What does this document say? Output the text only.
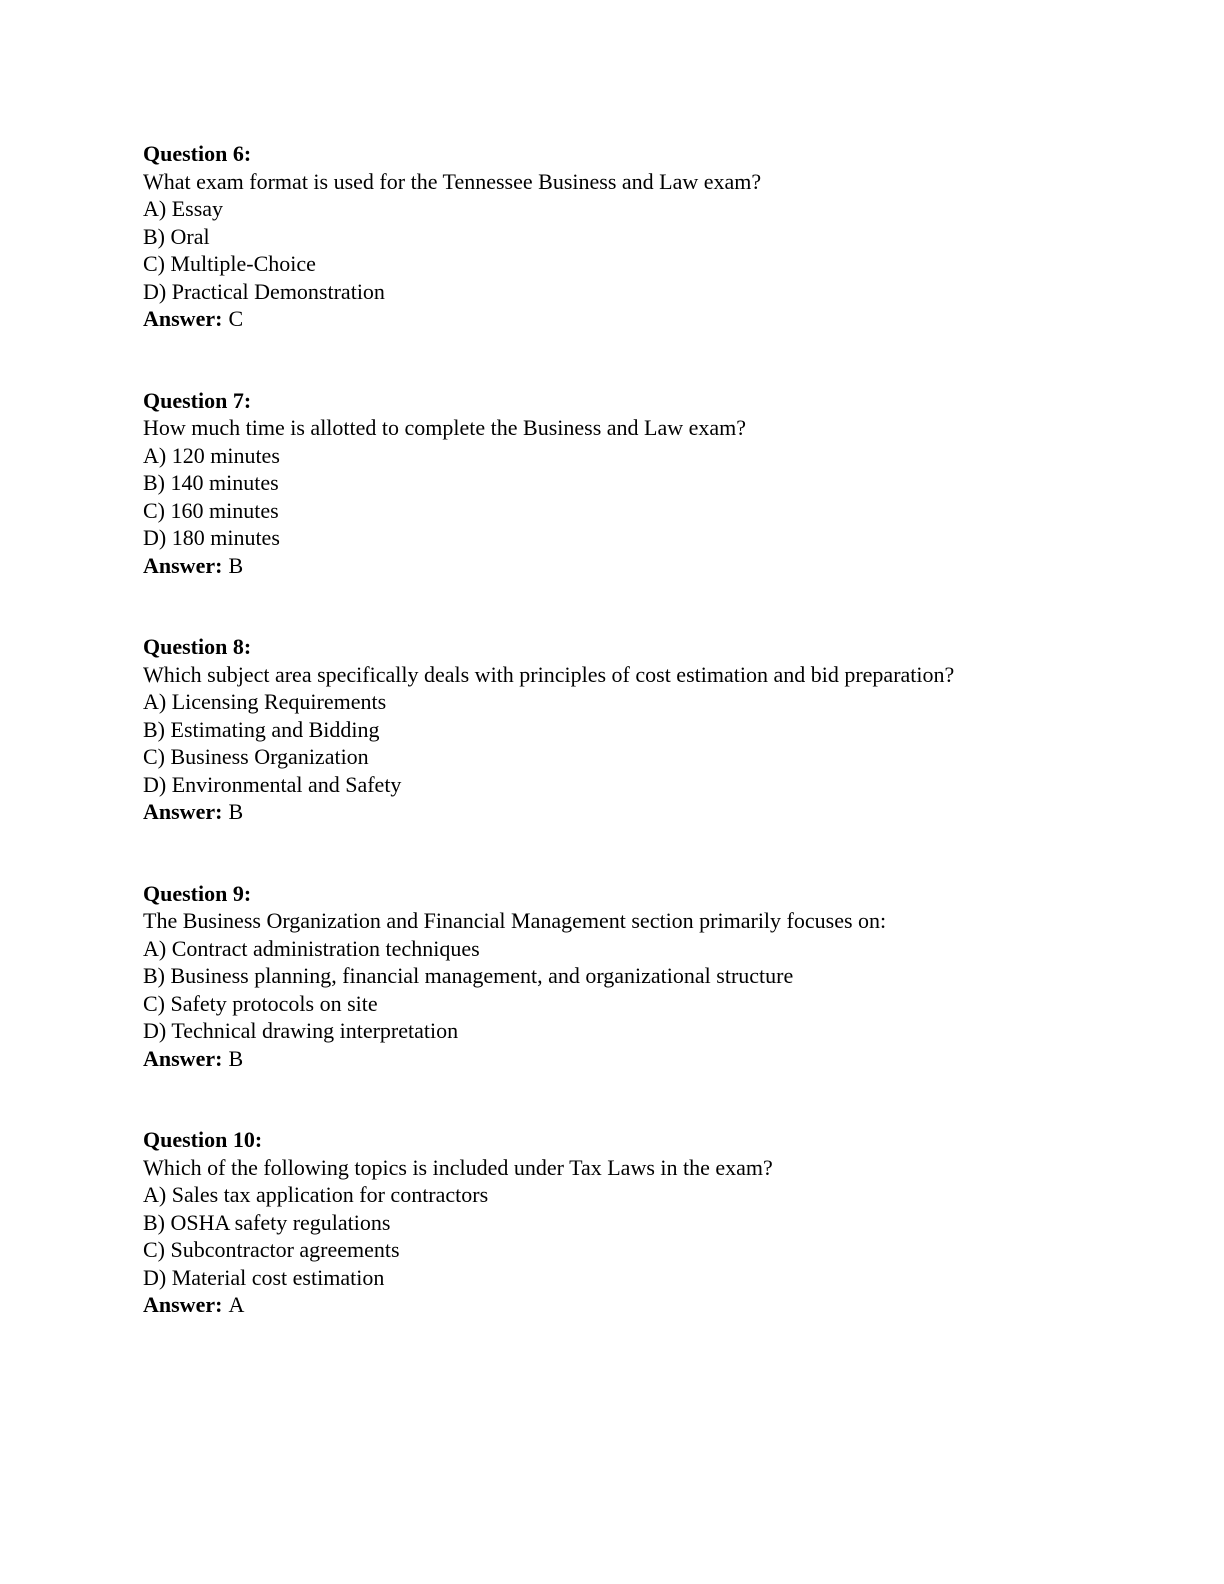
Question 6:
What exam format is used for the Tennessee Business and Law exam?
A) Essay
B) Oral
C) Multiple-Choice
D) Practical Demonstration
Answer: C
Question 7:
How much time is allotted to complete the Business and Law exam?
A) 120 minutes
B) 140 minutes
C) 160 minutes
D) 180 minutes
Answer: B
Question 8:
Which subject area specifically deals with principles of cost estimation and bid preparation?
A) Licensing Requirements
B) Estimating and Bidding
C) Business Organization
D) Environmental and Safety
Answer: B
Question 9:
The Business Organization and Financial Management section primarily focuses on:
A) Contract administration techniques
B) Business planning, financial management, and organizational structure
C) Safety protocols on site
D) Technical drawing interpretation
Answer: B
Question 10:
Which of the following topics is included under Tax Laws in the exam?
A) Sales tax application for contractors
B) OSHA safety regulations
C) Subcontractor agreements
D) Material cost estimation
Answer: A
